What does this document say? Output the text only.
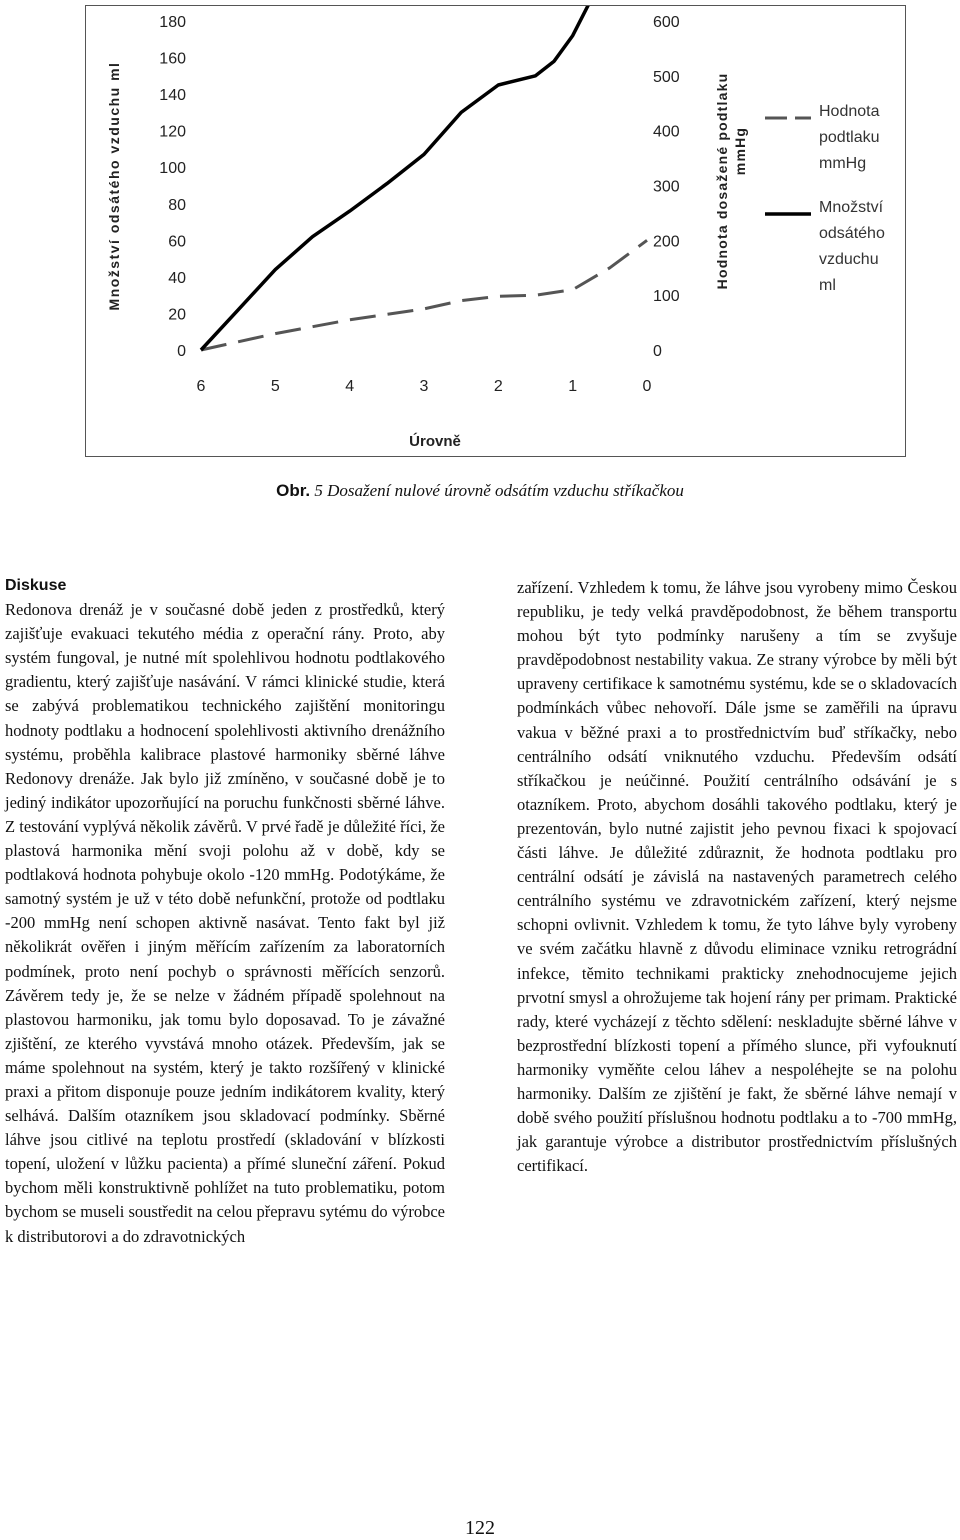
0
20
40
60
80
100
120
140
160
180
0
100
200
300
400
500
600
6	5	4	3	2	1	0
Úrovně
Množství odsátého vzduchu ml	Hodnota dosažené podtlaku mmHg
Hodnota
podtlaku
mmHg
Množství
odsátého
vzduchu
ml
Obr. 5 Dosažení nulové úrovně odsátím vzduchu stříkačkou
Diskuse

Redonova drenáž je v současné době jeden z prostředků, který zajišťuje evakuaci tekutého média z operační rány. Proto, aby systém fungoval, je nutné mít spolehlivou hodnotu podtlakového gradientu, který zajišťuje nasávání. V rámci klinické studie, která se zabývá problematikou technického zajištění monitoringu hodnoty podtlaku a hodnocení spolehlivosti aktivního drenážního systému, proběhla kalibrace plastové harmoniky sběrné láhve Redonovy drenáže. Jak bylo již zmíněno, v současné době je to jediný indikátor upozorňující na poruchu funkčnosti sběrné láhve. Z testování vyplývá několik závěrů. V prvé řadě je důležité říci, že plastová harmonika mění svoji polohu až v době, kdy se podtlaková hodnota pohybuje okolo -120 mmHg. Podotýkáme, že samotný systém je už v této době nefunkční, protože od podtlaku -200 mmHg není schopen aktivně nasávat. Tento fakt byl již několikrát ověřen i jiným měřícím zařízením za laboratorních podmínek, proto není pochyb o správnosti měřících senzorů. Závěrem tedy je, že se nelze v žádném případě spolehnout na plastovou harmoniku, jak tomu bylo doposavad. To je závažné zjištění, ze kterého vyvstává mnoho otázek. Především, jak se máme spolehnout na systém, který je takto rozšířený v klinické praxi a přitom disponuje pouze jedním indikátorem kvality, který selhává. Dalším otazníkem jsou skladovací podmínky. Sběrné láhve jsou citlivé na teplotu prostředí (skladování v blízkosti topení, uložení v lůžku pacienta) a přímé sluneční záření. Pokud bychom měli konstruktivně pohlížet na tuto problematiku, potom bychom se museli soustředit na celou přepravu sytému do výrobce k distributorovi a do zdravotnických

zařízení. Vzhledem k tomu, že láhve jsou vyrobeny mimo Českou republiku, je tedy velká pravděpodobnost, že během transportu mohou být tyto podmínky narušeny a tím se zvyšuje pravděpodobnost nestability vakua. Ze strany výrobce by měli být upraveny certifikace k samotnému systému, kde se o skladovacích podmínkách vůbec nehovoří. Dále jsme se zaměřili na úpravu vakua v běžné praxi a to prostřednictvím buď stříkačky, nebo centrálního odsátí vniknutého vzduchu. Především odsátí stříkačkou je neúčinné. Použití centrálního odsávání je s otazníkem. Proto, abychom dosáhli takového podtlaku, který je prezentován, bylo nutné zajistit jeho pevnou fixaci k spojovací části láhve. Je důležité zdůraznit, že hodnota podtlaku pro centrální odsátí je závislá na nastavených parametrech celého centrálního systému ve zdravotnickém zařízení, který nejsme schopni ovlivnit. Vzhledem k tomu, že tyto láhve byly vyrobeny ve svém začátku hlavně z důvodu eliminace vzniku retrográdní infekce, těmito technikami prakticky znehodnocujeme jejich prvotní smysl a ohrožujeme tak hojení rány per primam. Praktické rady, které vycházejí z těchto sdělení: neskladujte sběrné láhve v bezprostřední blízkosti topení a přímého slunce, při vyfouknutí harmoniky vyměňte celou láhev a nespoléhejte se na polohu harmoniky. Dalším ze zjištění je fakt, že sběrné láhve nemají v době svého použití příslušnou hodnotu podtlaku a to -700 mmHg, jak garantuje výrobce a distributor prostřednictvím příslušných certifikací.

122
